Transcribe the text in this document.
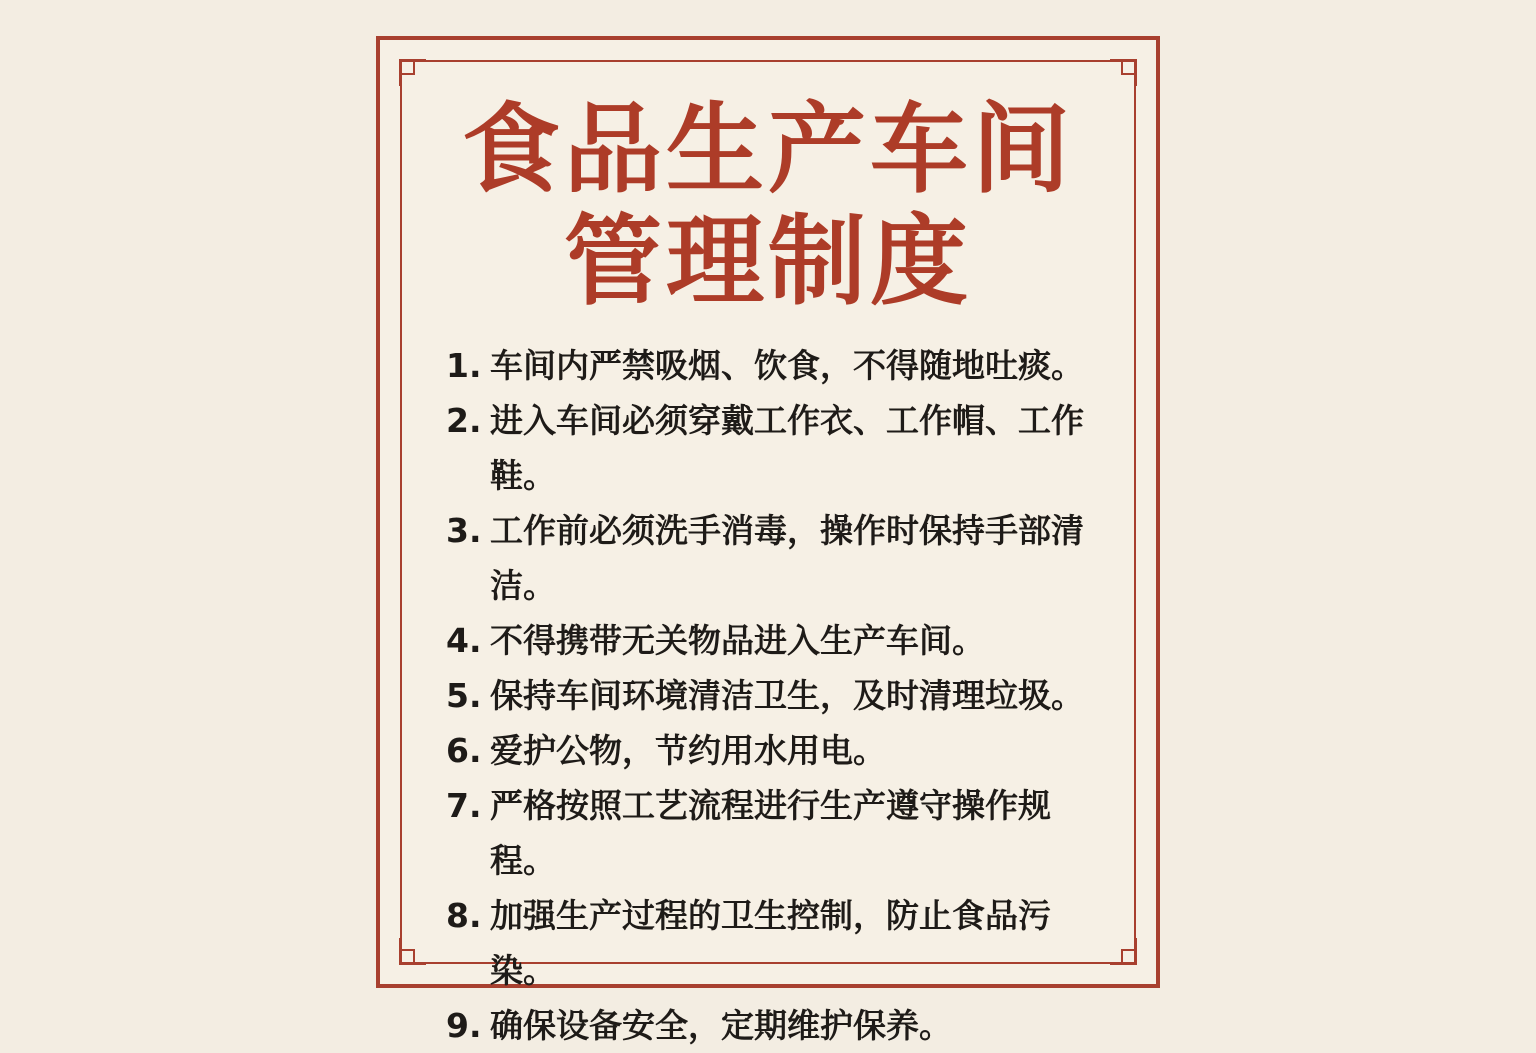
食品生产车间
管理制度
1. 车间内严禁吸烟、饮食，不得随地吐痰。
2. 进入车间必须穿戴工作衣、工作帽、工作鞋。
3. 工作前必须洗手消毒，操作时保持手部清洁。
4. 不得携带无关物品进入生产车间。
5. 保持车间环境清洁卫生，及时清理垃圾。
6. 爱护公物，节约用水用电。
7. 严格按照工艺流程进行生产遵守操作规程。
8. 加强生产过程的卫生控制，防止食品污染。
9. 确保设备安全，定期维护保养。
